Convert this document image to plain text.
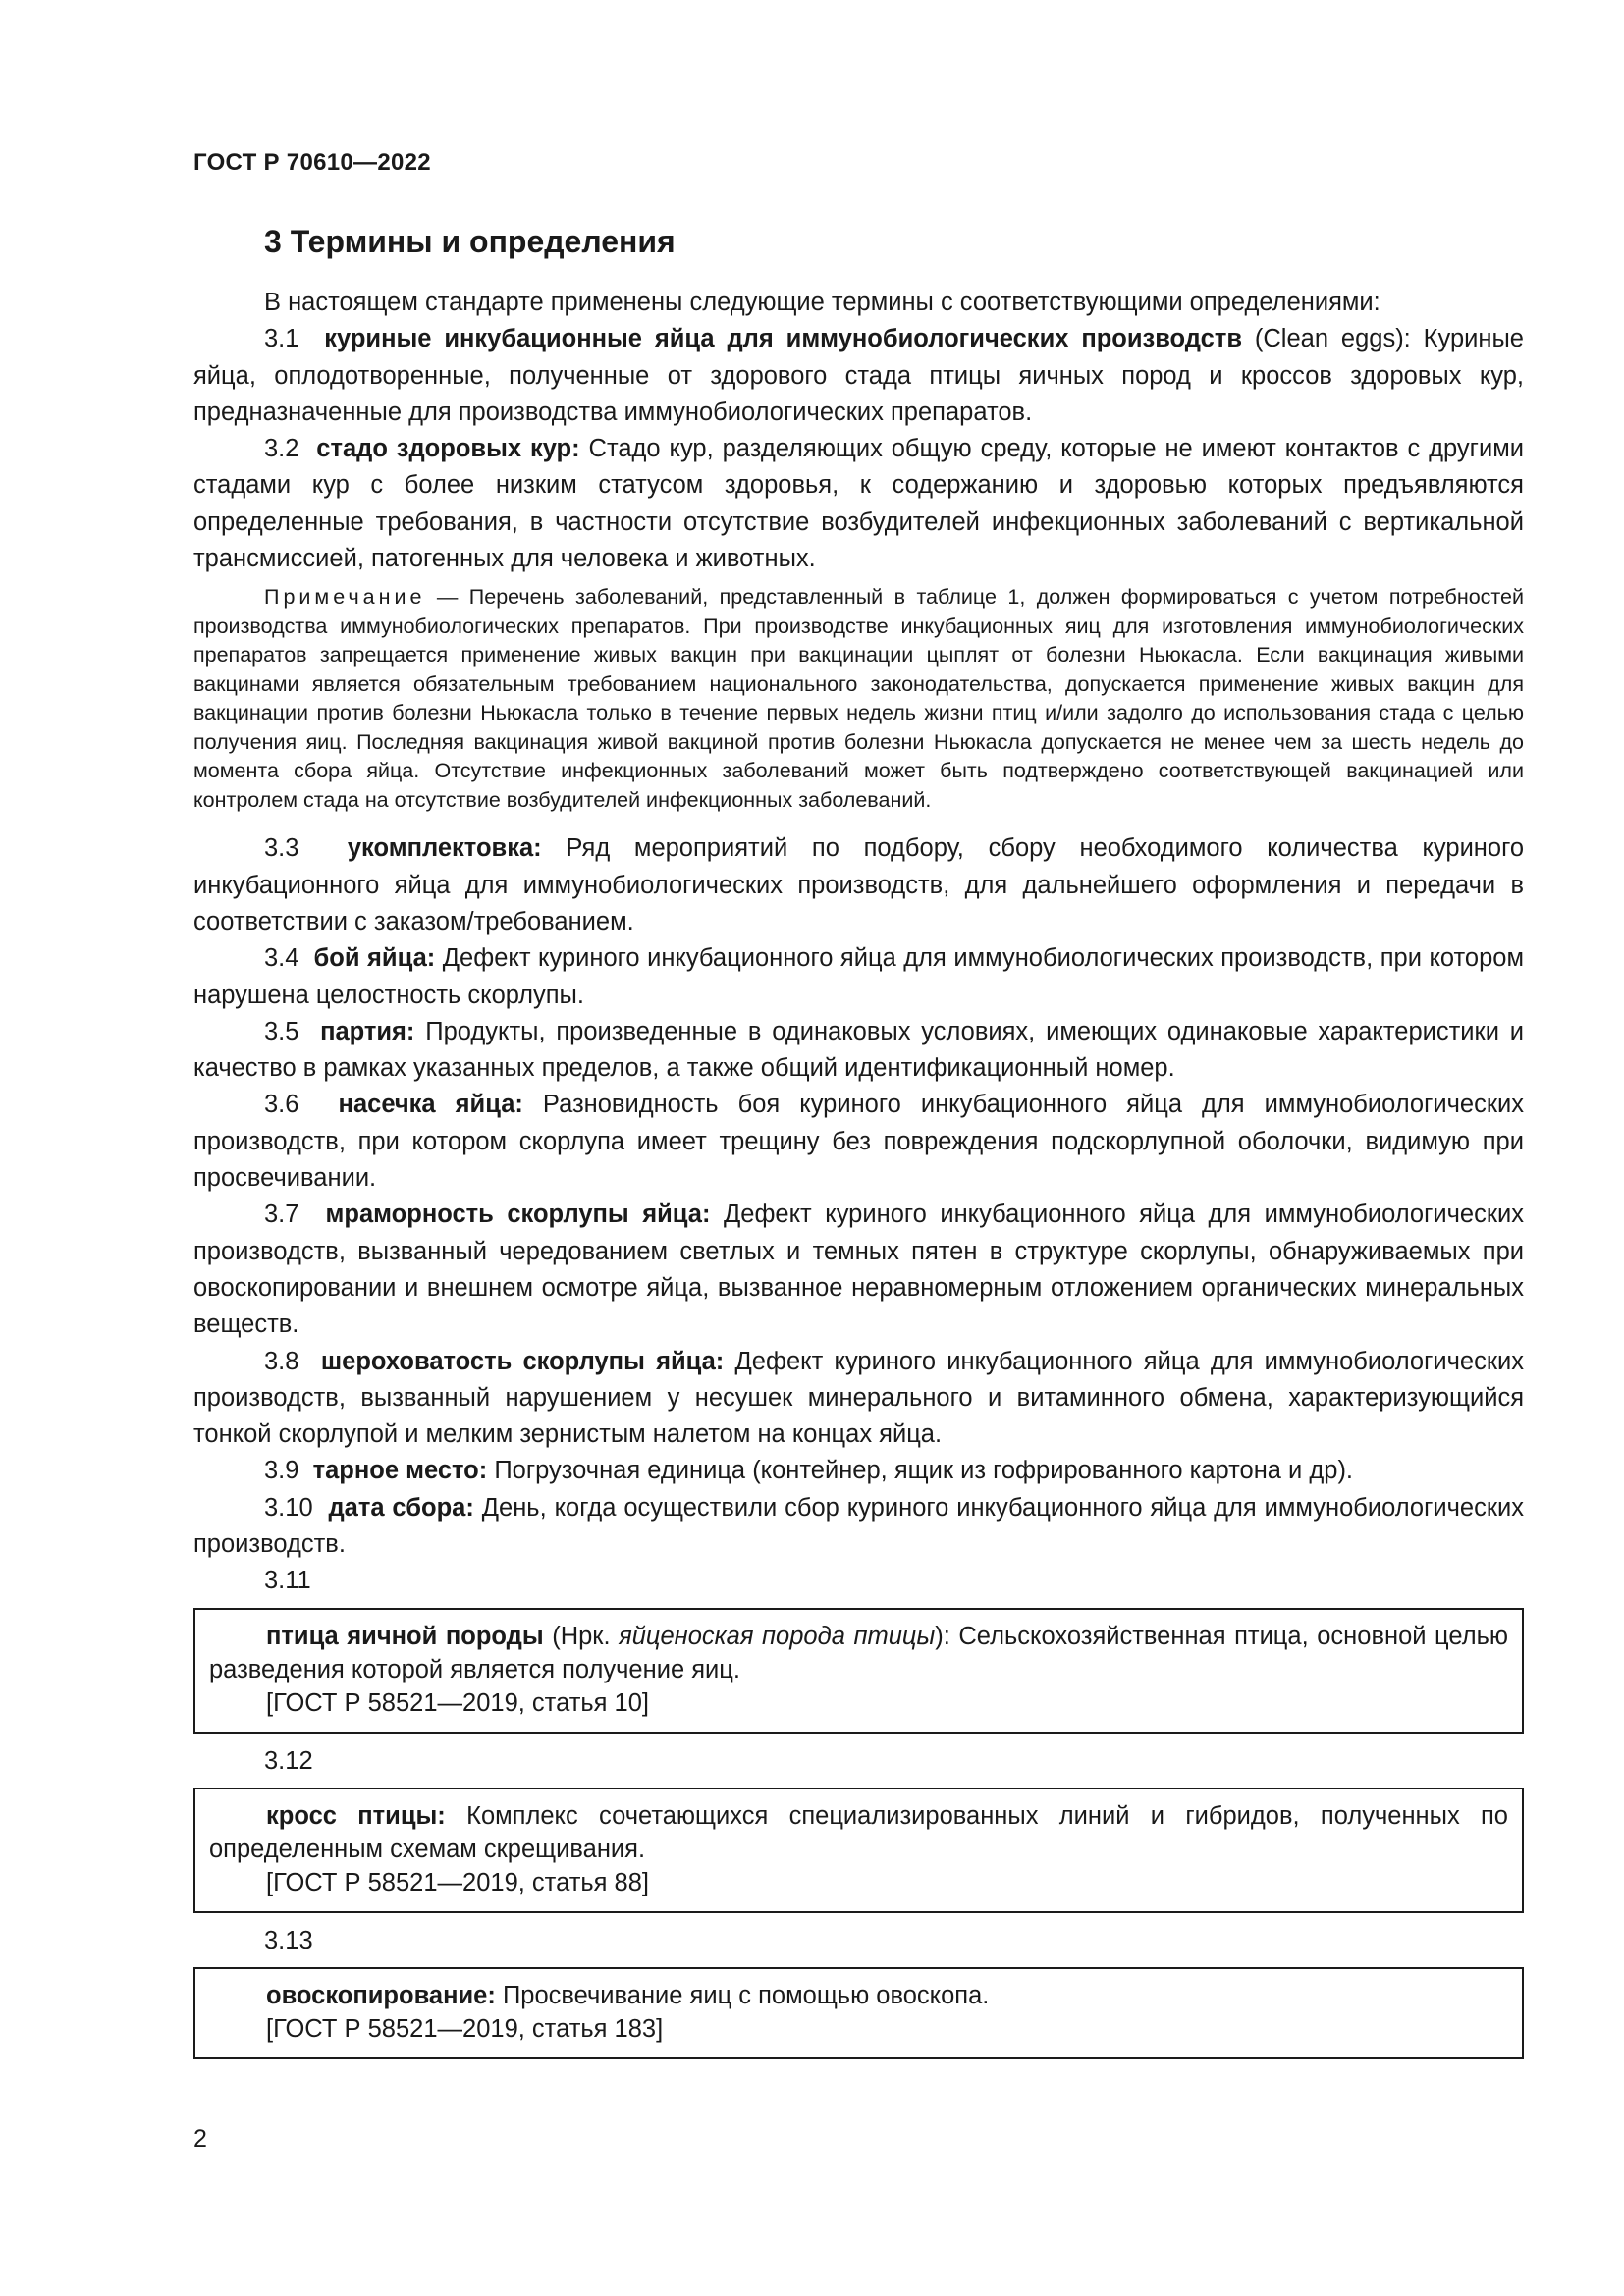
ГОСТ Р 70610—2022
3 Термины и определения

В настоящем стандарте применены следующие термины с соответствующими определениями:

3.1 куриные инкубационные яйца для иммунобиологических производств (Clean eggs): Куриные яйца, оплодотворенные, полученные от здорового стада птицы яичных пород и кроссов здоровых кур, предназначенные для производства иммунобиологических препаратов.

3.2 стадо здоровых кур: Стадо кур, разделяющих общую среду, которые не имеют контактов с другими стадами кур с более низким статусом здоровья, к содержанию и здоровью которых предъявляются определенные требования, в частности отсутствие возбудителей инфекционных заболеваний с вертикальной трансмиссией, патогенных для человека и животных.

Примечание — Перечень заболеваний, представленный в таблице 1, должен формироваться с учетом потребностей производства иммунобиологических препаратов. При производстве инкубационных яиц для изготовления иммунобиологических препаратов запрещается применение живых вакцин при вакцинации цыплят от болезни Ньюкасла. Если вакцинация живыми вакцинами является обязательным требованием национального законодательства, допускается применение живых вакцин для вакцинации против болезни Ньюкасла только в течение первых недель жизни птиц и/или задолго до использования стада с целью получения яиц. Последняя вакцинация живой вакциной против болезни Ньюкасла допускается не менее чем за шесть недель до момента сбора яйца. Отсутствие инфекционных заболеваний может быть подтверждено соответствующей вакцинацией или контролем стада на отсутствие возбудителей инфекционных заболеваний.

3.3 укомплектовка: Ряд мероприятий по подбору, сбору необходимого количества куриного инкубационного яйца для иммунобиологических производств, для дальнейшего оформления и передачи в соответствии с заказом/требованием.

3.4 бой яйца: Дефект куриного инкубационного яйца для иммунобиологических производств, при котором нарушена целостность скорлупы.

3.5 партия: Продукты, произведенные в одинаковых условиях, имеющих одинаковые характеристики и качество в рамках указанных пределов, а также общий идентификационный номер.

3.6 насечка яйца: Разновидность боя куриного инкубационного яйца для иммунобиологических производств, при котором скорлупа имеет трещину без повреждения подскорлупной оболочки, видимую при просвечивании.

3.7 мраморность скорлупы яйца: Дефект куриного инкубационного яйца для иммунобиологических производств, вызванный чередованием светлых и темных пятен в структуре скорлупы, обнаруживаемых при овоскопировании и внешнем осмотре яйца, вызванное неравномерным отложением органических минеральных веществ.

3.8 шероховатость скорлупы яйца: Дефект куриного инкубационного яйца для иммунобиологических производств, вызванный нарушением у несушек минерального и витаминного обмена, характеризующийся тонкой скорлупой и мелким зернистым налетом на концах яйца.

3.9 тарное место: Погрузочная единица (контейнер, ящик из гофрированного картона и др).

3.10 дата сбора: День, когда осуществили сбор куриного инкубационного яйца для иммунобиологических производств.

3.11

птица яичной породы (Нрк. яйценоская порода птицы): Сельскохозяйственная птица, основной целью разведения которой является получение яиц.

[ГОСТ Р 58521—2019, статья 10]

3.12

кросс птицы: Комплекс сочетающихся специализированных линий и гибридов, полученных по определенным схемам скрещивания.

[ГОСТ Р 58521—2019, статья 88]

3.13

овоскопирование: Просвечивание яиц с помощью овоскопа.

[ГОСТ Р 58521—2019, статья 183]

2
